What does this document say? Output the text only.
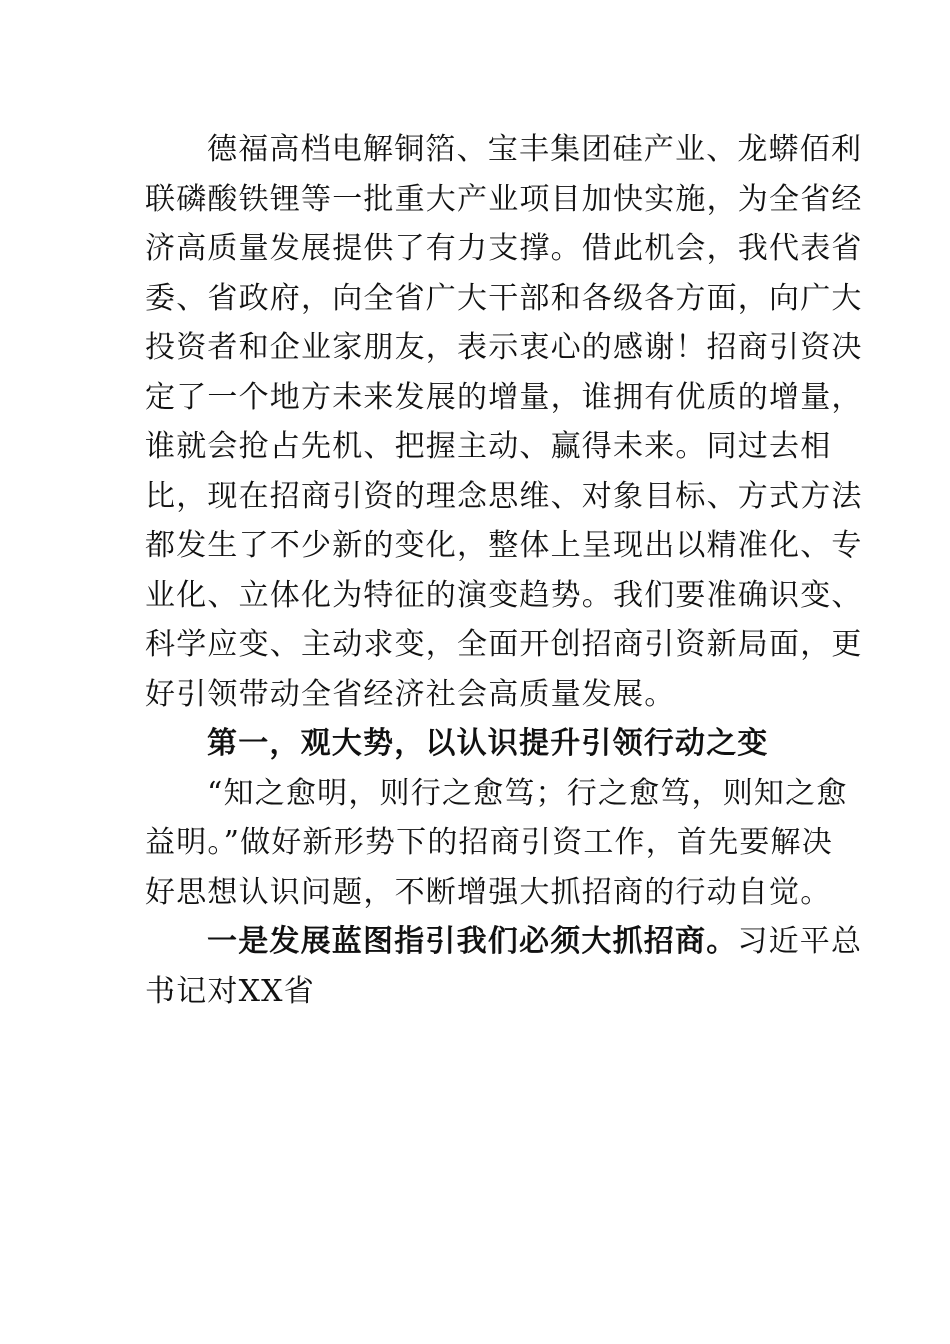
德福高档电解铜箔、宝丰集团硅产业、龙蟒佰利
联磷酸铁锂等一批重大产业项目加快实施，为全省经
济高质量发展提供了有力支撑。借此机会，我代表省
委、省政府，向全省广大干部和各级各方面，向广大
投资者和企业家朋友，表示衷心的感谢！招商引资决
定了一个地方未来发展的增量，谁拥有优质的增量，
谁就会抢占先机、把握主动、赢得未来。同过去相
比，现在招商引资的理念思维、对象目标、方式方法
都发生了不少新的变化，整体上呈现出以精准化、专
业化、立体化为特征的演变趋势。我们要准确识变、
科学应变、主动求变，全面开创招商引资新局面，更
好引领带动全省经济社会高质量发展。
第一，观大势，以认识提升引领行动之变
“知之愈明，则行之愈笃；行之愈笃，则知之愈
益明。”做好新形势下的招商引资工作，首先要解决
好思想认识问题，不断增强大抓招商的行动自觉。
一是发展蓝图指引我们必须大抓招商。习近平总
书记对XX省
